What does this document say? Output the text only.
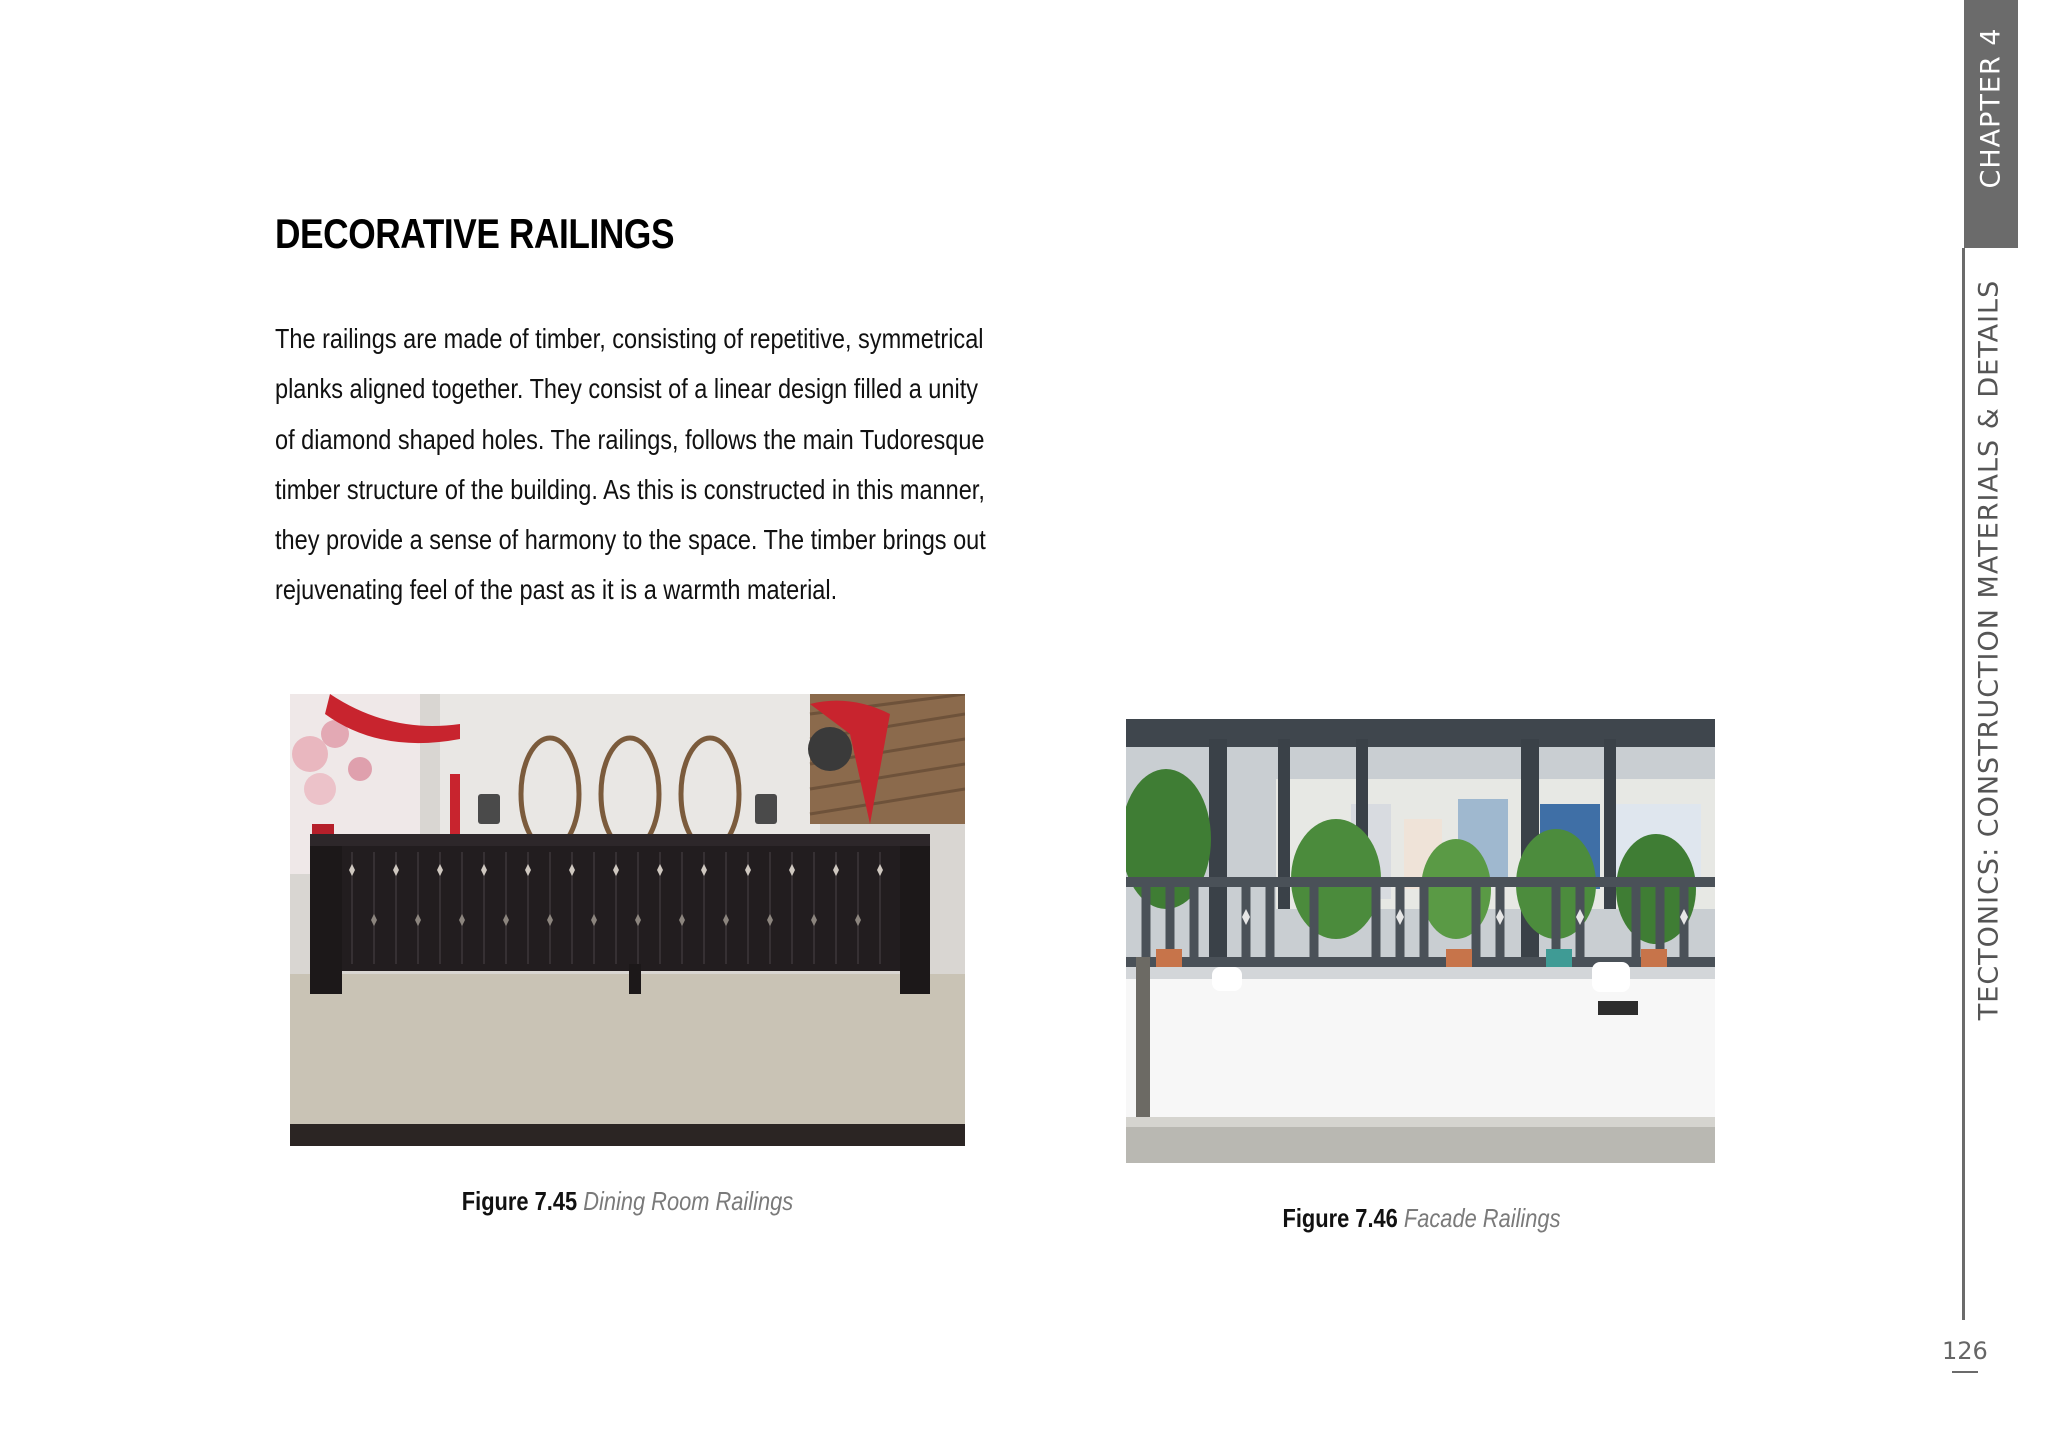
DECORATIVE RAILINGS

The railings are made of timber, consisting of repetitive, symmetrical planks aligned together. They consist of a linear design filled a unity of diamond shaped holes. The railings, follows the main Tudoresque timber structure of the building. As this is constructed in this manner, they provide a sense of harmony to the space. The timber brings out rejuvenating feel of the past as it is a warmth material.

Figure 7.45 Dining Room Railings
Figure 7.46 Facade Railings
CHAPTER 4
TECTONICS: CONSTRUCTION MATERIALS & DETAILS
126
